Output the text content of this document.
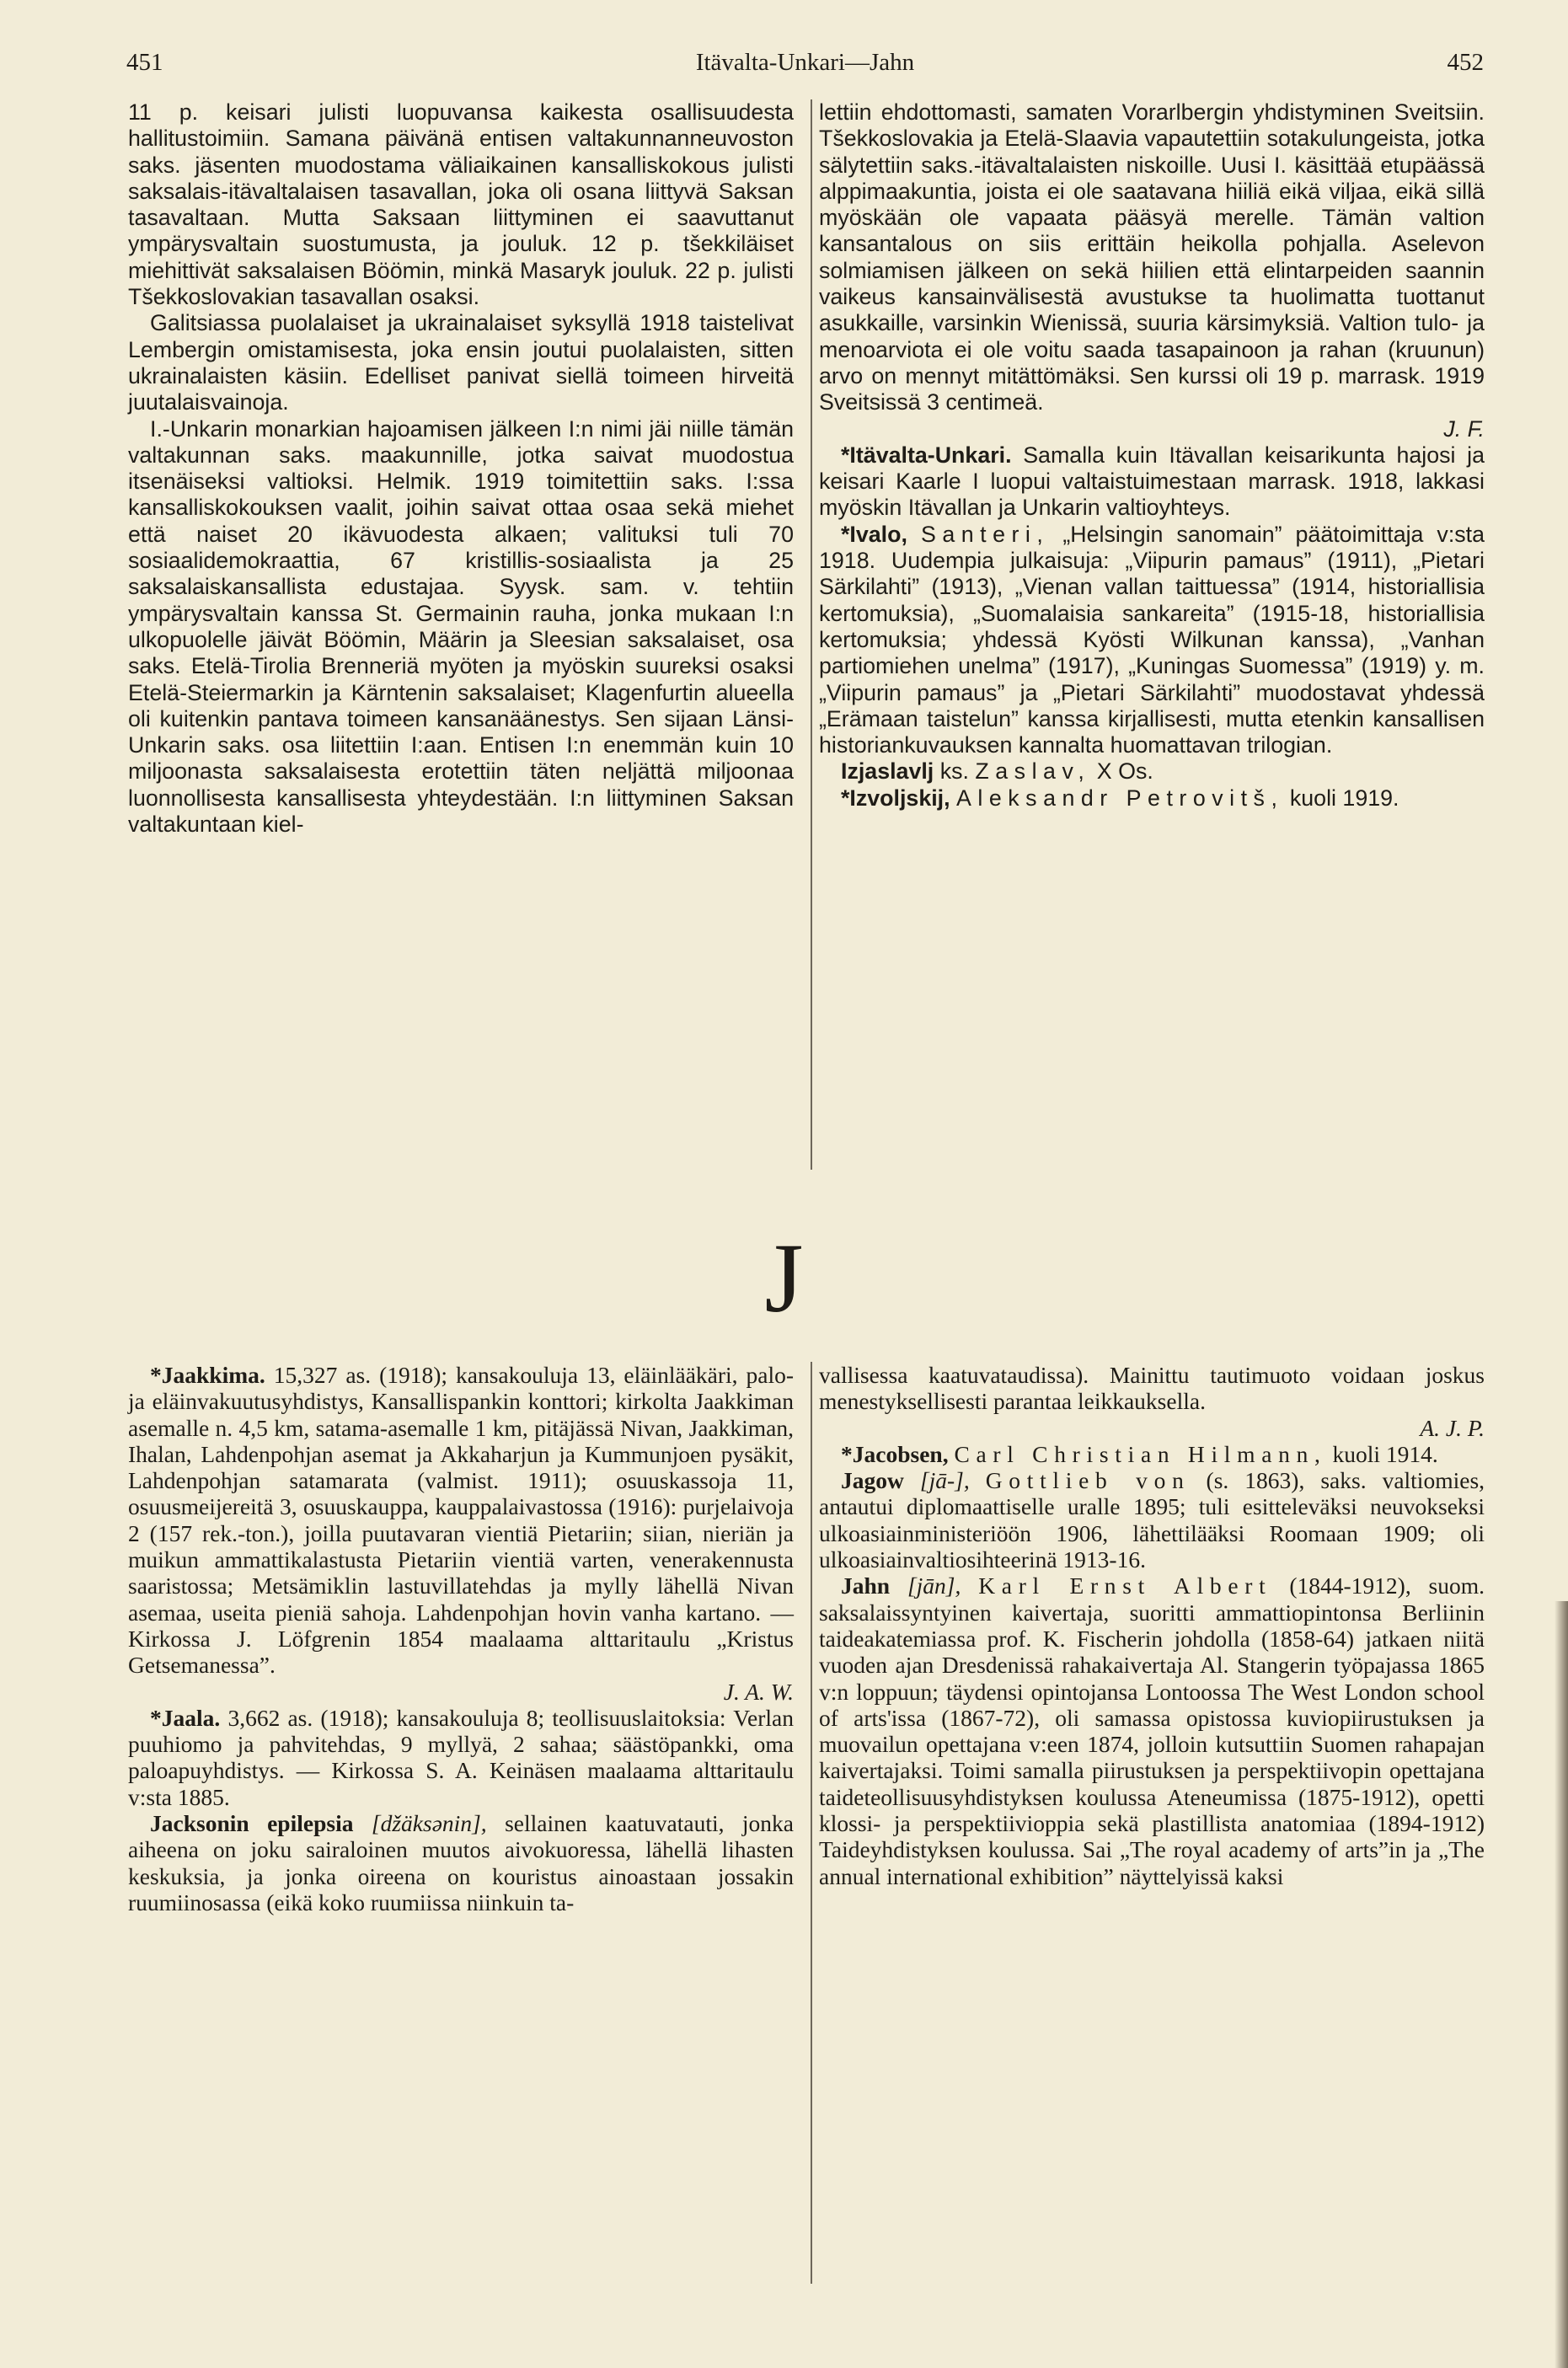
451	Itävalta-Unkari—Jahn	452

11 p. keisari julisti luopuvansa kaikesta osallisuudesta hallitustoimiin. Samana päivänä entisen valtakunnanneuvoston saks. jäsenten muodostama väliaikainen kansalliskokous julisti saksalais-itävaltalaisen tasavallan, joka oli osana liittyvä Saksan tasavaltaan. Mutta Saksaan liittyminen ei saavuttanut ympärysvaltain suostumusta, ja jouluk. 12 p. tšekkiläiset miehittivät saksalaisen Böömin, minkä Masaryk jouluk. 22 p. julisti Tšekkoslovakian tasavallan osaksi.

Galitsiassa puolalaiset ja ukrainalaiset syksyllä 1918 taistelivat Lembergin omistamisesta, joka ensin joutui puolalaisten, sitten ukrainalaisten käsiin. Edelliset panivat siellä toimeen hirveitä juutalaisvainoja.

I.-Unkarin monarkian hajoamisen jälkeen I:n nimi jäi niille tämän valtakunnan saks. maakunnille, jotka saivat muodostua itsenäiseksi valtioksi. Helmik. 1919 toimitettiin saks. I:ssa kansalliskokouksen vaalit, joihin saivat ottaa osaa sekä miehet että naiset 20 ikävuodesta alkaen; valituksi tuli 70 sosiaalidemokraattia, 67 kristillis-sosiaalista ja 25 saksalaiskansallista edustajaa. Syysk. sam. v. tehtiin ympärysvaltain kanssa St. Germainin rauha, jonka mukaan I:n ulkopuolelle jäivät Böömin, Määrin ja Sleesian saksalaiset, osa saks. Etelä-Tirolia Brenneriä myöten ja myöskin suureksi osaksi Etelä-Steiermarkin ja Kärntenin saksalaiset; Klagenfurtin alueella oli kuitenkin pantava toimeen kansanäänestys. Sen sijaan Länsi-Unkarin saks. osa liitettiin I:aan. Entisen I:n enemmän kuin 10 miljoonasta saksalaisesta erotettiin täten neljättä miljoonaa luonnollisesta kansallisesta yhteydestään. I:n liittyminen Saksan valtakuntaan kiel-

lettiin ehdottomasti, samaten Vorarlbergin yhdistyminen Sveitsiin. Tšekkoslovakia ja Etelä-Slaavia vapautettiin sotakulungeista, jotka sälytettiin saks.-itävaltalaisten niskoille. Uusi I. käsittää etupäässä alppimaakuntia, joista ei ole saatavana hiiliä eikä viljaa, eikä sillä myöskään ole vapaata pääsyä merelle. Tämän valtion kansantalous on siis erittäin heikolla pohjalla. Aselevon solmiamisen jälkeen on sekä hiilien että elintarpeiden saannin vaikeus kansainvälisestä avustukse ta huolimatta tuottanut asukkaille, varsinkin Wienissä, suuria kärsimyksiä. Valtion tulo- ja menoarviota ei ole voitu saada tasapainoon ja rahan (kruunun) arvo on mennyt mitättömäksi. Sen kurssi oli 19 p. marrask. 1919 Sveitsissä 3 centimeä.
J. F.

*Itävalta-Unkari. Samalla kuin Itävallan keisarikunta hajosi ja keisari Kaarle I luopui valtaistuimestaan marrask. 1918, lakkasi myöskin Itävallan ja Unkarin valtioyhteys.

*Ivalo, Santeri, „Helsingin sanomain” päätoimittaja v:sta 1918. Uudempia julkaisuja: „Viipurin pamaus” (1911), „Pietari Särkilahti” (1913), „Vienan vallan taittuessa” (1914, historiallisia kertomuksia), „Suomalaisia sankareita” (1915-18, historiallisia kertomuksia; yhdessä Kyösti Wilkunan kanssa), „Vanhan partiomiehen unelma” (1917), „Kuningas Suomessa” (1919) y. m. „Viipurin pamaus” ja „Pietari Särkilahti” muodostavat yhdessä „Erämaan taistelun” kanssa kirjallisesti, mutta etenkin kansallisen historiankuvauksen kannalta huomattavan trilogian.

Izjaslavlj ks. Zaslav, X Os.

*Izvoljskij, Aleksandr Petrovitš, kuoli 1919.

J

*Jaakkima. 15,327 as. (1918); kansakouluja 13, eläinlääkäri, palo- ja eläinvakuutusyhdistys, Kansallispankin konttori; kirkolta Jaakkiman asemalle n. 4,5 km, satama-asemalle 1 km, pitäjässä Nivan, Jaakkiman, Ihalan, Lahdenpohjan asemat ja Akkaharjun ja Kummunjoen pysäkit, Lahdenpohjan satamarata (valmist. 1911); osuuskassoja 11, osuusmeijereitä 3, osuuskauppa, kauppalaivastossa (1916): purjelaivoja 2 (157 rek.-ton.), joilla puutavaran vientiä Pietariin; siian, nieriän ja muikun ammattikalastusta Pietariin vientiä varten, venerakennusta saaristossa; Metsämiklin lastuvillatehdas ja mylly lähellä Nivan asemaa, useita pieniä sahoja. Lahdenpohjan hovin vanha kartano. — Kirkossa J. Löfgrenin 1854 maalaama alttaritaulu „Kristus Getsemanessa”.
J. A. W.

*Jaala. 3,662 as. (1918); kansakouluja 8; teollisuuslaitoksia: Verlan puuhiomo ja pahvitehdas, 9 myllyä, 2 sahaa; säästöpankki, oma paloapuyhdistys. — Kirkossa S. A. Keinäsen maalaama alttaritaulu v:sta 1885.

Jacksonin epilepsia [džäksənin], sellainen kaatuvatauti, jonka aiheena on joku sairaloinen muutos aivokuoressa, lähellä lihasten keskuksia, ja jonka oireena on kouristus ainoastaan jossakin ruumiinosassa (eikä koko ruumiissa niinkuin ta-

vallisessa kaatuvataudissa). Mainittu tautimuoto voidaan joskus menestyksellisesti parantaa leikkauksella.
A. J. P.

*Jacobsen, Carl Christian Hilmann, kuoli 1914.

Jagow [jā-], Gottlieb von (s. 1863), saks. valtiomies, antautui diplomaattiselle uralle 1895; tuli esitteleväksi neuvokseksi ulkoasiainministeriöön 1906, lähettilääksi Roomaan 1909; oli ulkoasiainvaltiosihteerinä 1913-16.

Jahn [jān], Karl Ernst Albert (1844-1912), suom. saksalaissyntyinen kaivertaja, suoritti ammattiopintonsa Berliinin taideakatemiassa prof. K. Fischerin johdolla (1858-64) jatkaen niitä vuoden ajan Dresdenissä rahakaivertaja Al. Stangerin työpajassa 1865 v:n loppuun; täydensi opintojansa Lontoossa The West London school of arts'issa (1867-72), oli samassa opistossa kuviopiirustuksen ja muovailun opettajana v:een 1874, jolloin kutsuttiin Suomen rahapajan kaivertajaksi. Toimi samalla piirustuksen ja perspektiivopin opettajana taideteollisuusyhdistyksen koulussa Ateneumissa (1875-1912), opetti klossi- ja perspektiivioppia sekä plastillista anatomiaa (1894-1912) Taideyhdistyksen koulussa. Sai „The royal academy of arts”in ja „The annual international exhibition” näyttelyissä kaksi
